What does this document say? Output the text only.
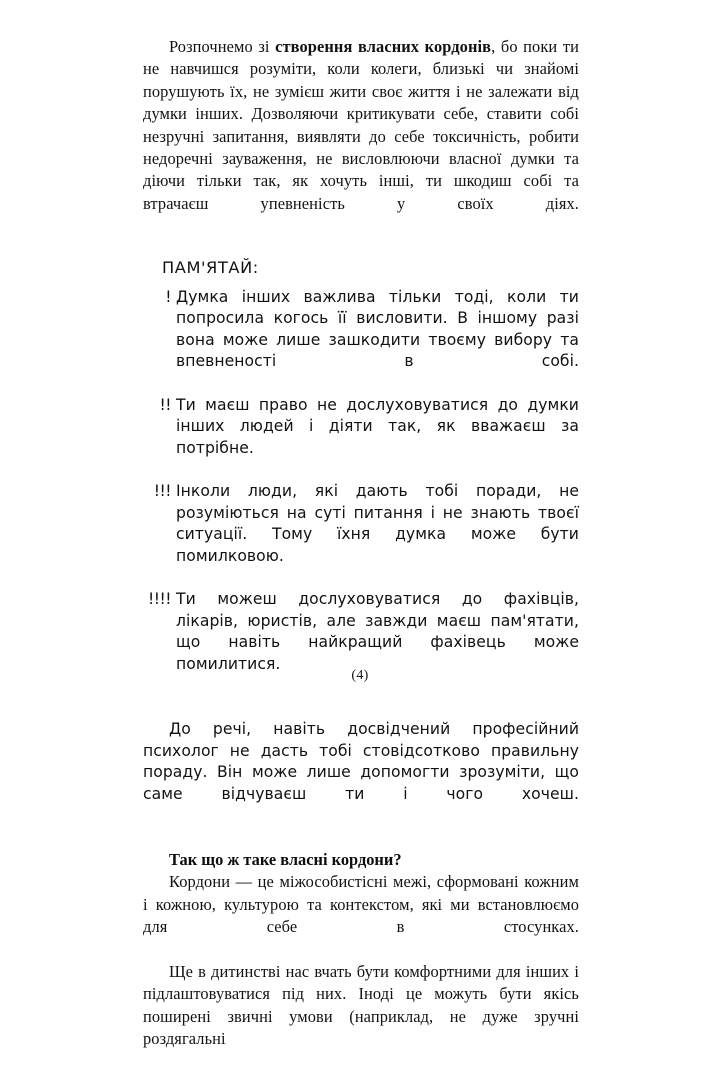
Розпочнемо зі створення власних кордонів, бо поки ти не навчишся розуміти, коли колеги, близькі чи знайомі порушують їх, не зумієш жити своє життя і не залежати від думки інших. Дозволяючи критикувати себе, ставити собі незручні запитання, виявляти до себе токсичність, робити недоречні зауваження, не висловлюючи власної думки та діючи тільки так, як хочуть інші, ти шкодиш собі та втрачаєш упевненість у своїх діях.

ПАМ'ЯТАЙ:

! Думка інших важлива тільки тоді, коли ти попросила когось її висловити. В іншому разі вона може лише зашкодити твоєму вибору та впевненості в собі.
!! Ти маєш право не дослуховуватися до думки інших людей і діяти так, як вважаєш за потрібне.
!!! Інколи люди, які дають тобі поради, не розуміються на суті питання і не знають твоєї ситуації. Тому їхня думка може бути помилковою.
!!!! Ти можеш дослуховуватися до фахівців, лікарів, юристів, але завжди маєш пам'ятати, що навіть найкращий фахівець може помилитися.

До речі, навіть досвідчений професійний психолог не дасть тобі стовідсотково правильну пораду. Він може лише допомогти зрозуміти, що саме відчуваєш ти і чого хочеш.

Так що ж таке власні кордони?

Кордони — це міжособистісні межі, сформовані кожним і кожною, культурою та контекстом, які ми встановлюємо для себе в стосунках.

Ще в дитинстві нас вчать бути комфортними для інших і підлаштовуватися під них. Іноді це можуть бути якісь поширені звичні умови (наприклад, не дуже зручні роздягальні

(4)
